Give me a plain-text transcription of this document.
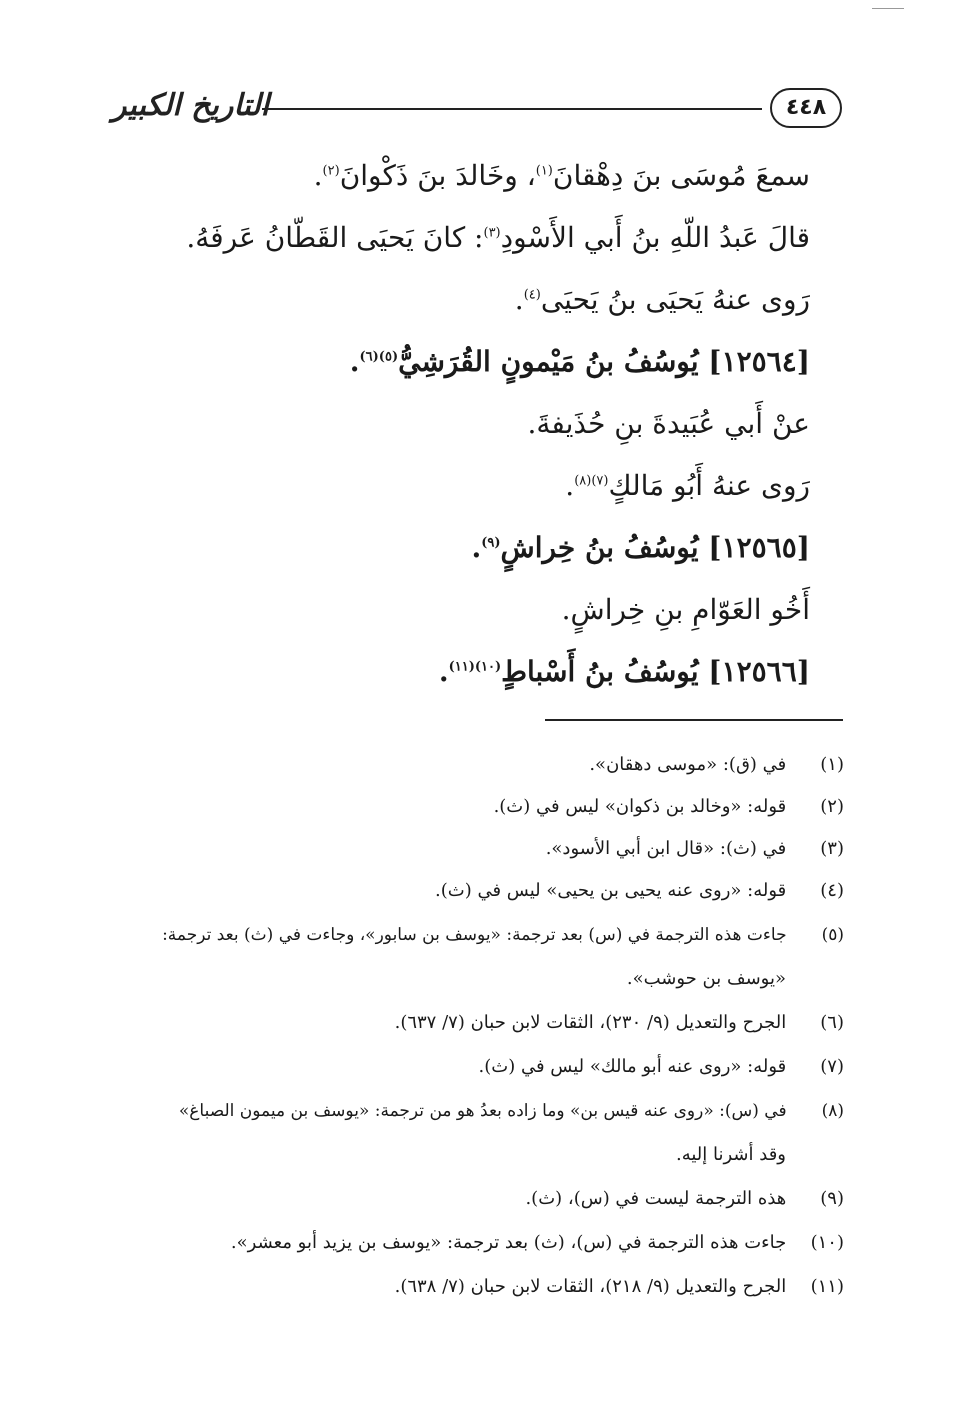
التاريخ الكبير	٤٤٨
سمعَ مُوسَى بنَ دِهْقانَ$^{(١)}$، وخَالدَ بنَ ذَكْوانَ$^{(٢)}$.
قالَ عَبدُ اللّهِ بنُ أَبي الأَسْودِ$^{(٣)}$: كانَ يَحيَى القَطّانُ عَرفَهُ.
رَوى عنهُ يَحيَى بنُ يَحيَى$^{(٤)}$.
[١٢٥٦٤] يُوسُفُ بنُ مَيْمونٍ القُرَشِيُّ$^{(٥)(٦)}$.
عنْ أَبي عُبَيدةَ بنِ حُذَيفةَ.
رَوى عنهُ أَبُو مَالكٍ$^{(٧)(٨)}$.
[١٢٥٦٥] يُوسُفُ بنُ خِراشٍ$^{(٩)}$.
أَخُو العَوّامِ بنِ خِراشٍ.
[١٢٥٦٦] يُوسُفُ بنُ أَسْباطٍ$^{(١٠)(١١)}$.
(١) في (ق): «موسى دهقان».
(٢) قوله: «وخالد بن ذكوان» ليس في (ث).
(٣) في (ث): «قال ابن أبي الأسود».
(٤) قوله: «روى عنه يحيى بن يحيى» ليس في (ث).
(٥) جاءت هذه الترجمة في (س) بعد ترجمة: «يوسف بن سابور»، وجاءت في (ث) بعد ترجمة:
«يوسف بن حوشب».
(٦) الجرح والتعديل (٩/ ٢٣٠)، الثقات لابن حبان (٧/ ٦٣٧).
(٧) قوله: «روى عنه أبو مالك» ليس في (ث).
(٨) في (س): «روى عنه قيس بن» وما زاده بعدُ هو من ترجمة: «يوسف بن ميمون الصباغ»
وقد أشرنا إليه.
(٩) هذه الترجمة ليست في (س)، (ث).
(١٠) جاءت هذه الترجمة في (س)، (ث) بعد ترجمة: «يوسف بن يزيد أبو معشر».
(١١) الجرح والتعديل (٩/ ٢١٨)، الثقات لابن حبان (٧/ ٦٣٨).
